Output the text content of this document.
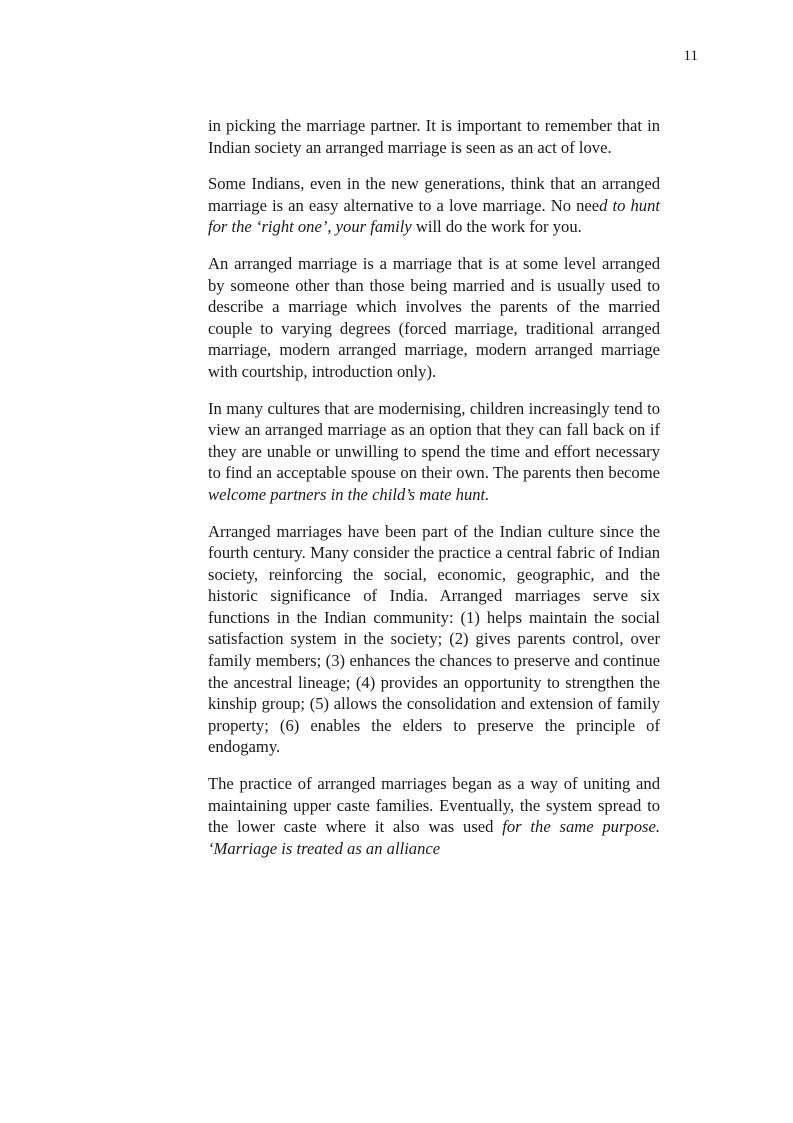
11

in picking the marriage partner. It is important to remember that in Indian society an arranged marriage is seen as an act of love.

Some Indians, even in the new generations, think that an arranged marriage is an easy alternative to a love marriage. No need to hunt for the ‘right one’, your family will do the work for you.

An arranged marriage is a marriage that is at some level arranged by someone other than those being married and is usually used to describe a marriage which involves the parents of the married couple to varying degrees (forced marriage, traditional arranged marriage, modern arranged marriage, modern arranged marriage with courtship, introduction only).

In many cultures that are modernising, children increasingly tend to view an arranged marriage as an option that they can fall back on if they are unable or unwilling to spend the time and effort necessary to find an acceptable spouse on their own. The parents then become welcome partners in the child’s mate hunt.

Arranged marriages have been part of the Indian culture since the fourth century. Many consider the practice a central fabric of Indian society, reinforcing the social, economic, geographic, and the historic significance of India. Arranged marriages serve six functions in the Indian community: (1) helps maintain the social satisfaction system in the society; (2) gives parents control, over family members; (3) enhances the chances to preserve and continue the ancestral lineage; (4) provides an opportunity to strengthen the kinship group; (5) allows the consolidation and extension of family property; (6) enables the elders to preserve the principle of endogamy.

The practice of arranged marriages began as a way of uniting and maintaining upper caste families. Eventually, the system spread to the lower caste where it also was used for the same purpose. ‘Marriage is treated as an alliance
